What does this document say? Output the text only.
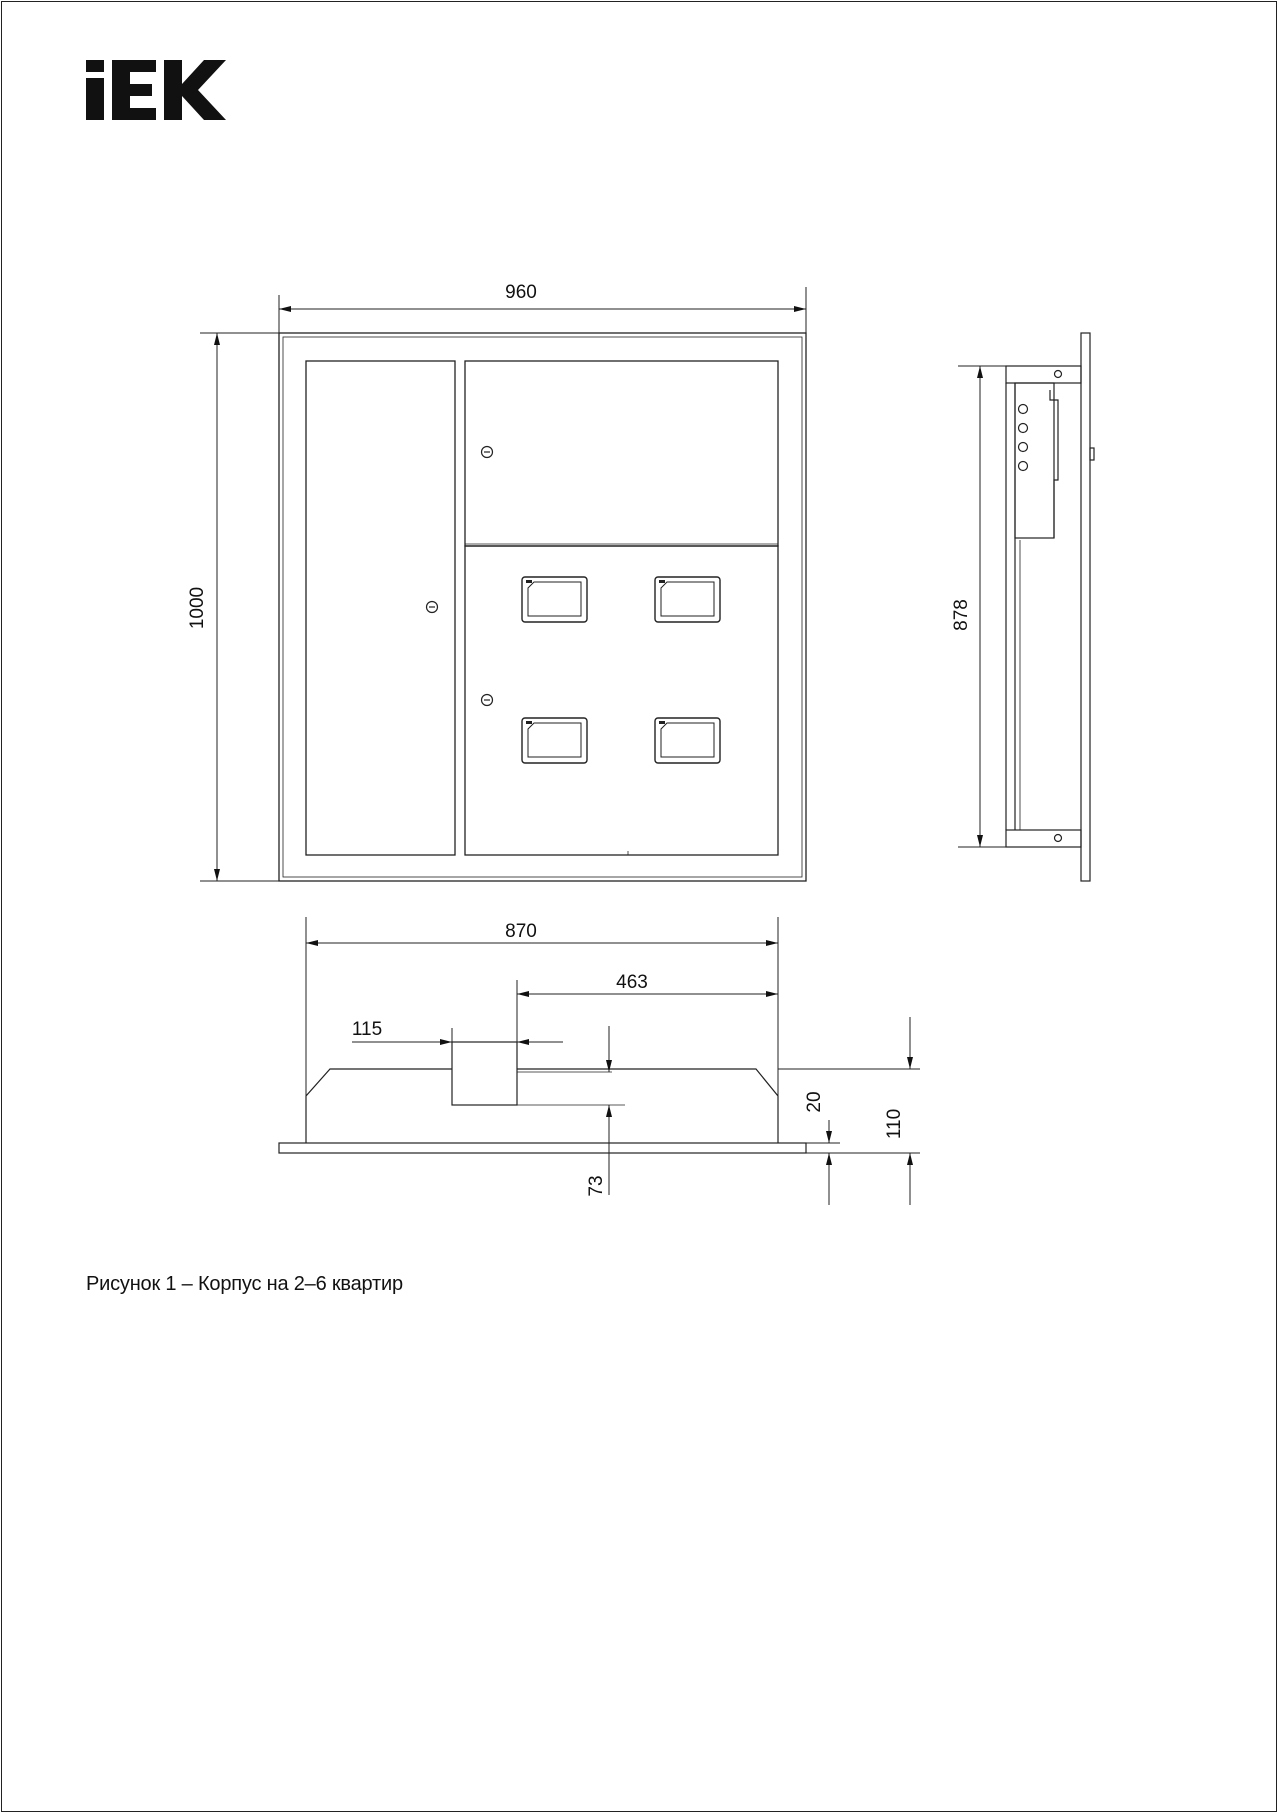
960
1000	878
870
463
115
73
20
110
Рисунок 1 – Корпус на 2–6 квартир
